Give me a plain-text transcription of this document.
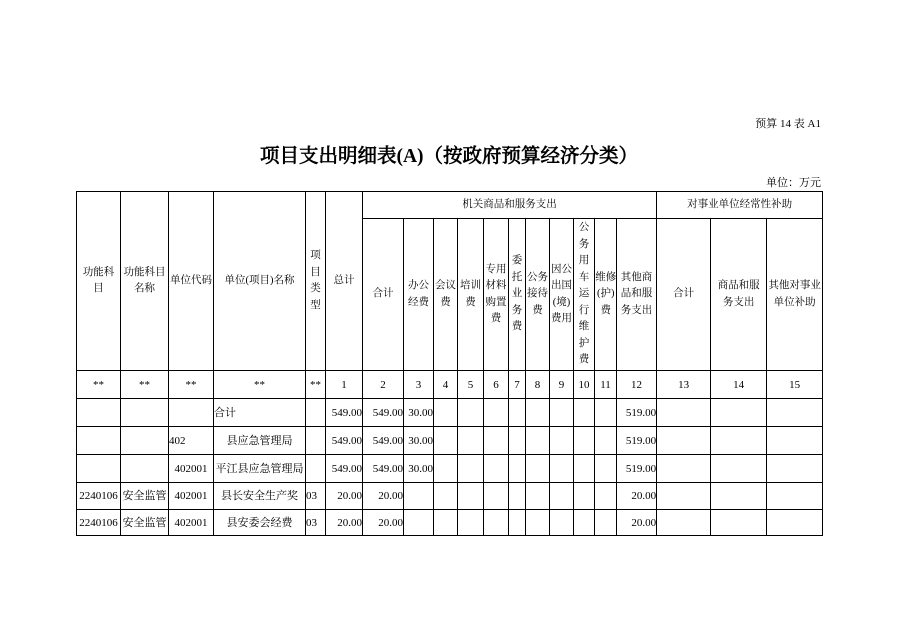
预算 14 表 A1
项目支出明细表(A)（按政府预算经济分类）
单位：万元
功能科目	功能科目名称	单位代码	单位(项目)名称	项目类型	总计	机关商品和服务支出											对事业单位经常性补助		

						合计	办公经费	会议费	培训费	专用材料购置费	委托业务费	公务接待费	因公出国(境)费用	公务用车运行维护费	维修(护)费	其他商品和服务支出	合计	商品和服务支出	其他对事业单位补助

**	**	**	**	**	1	2	3	4	5	6	7	8	9	10	11	12	13	14	15
			合计		549.00	549.00	30.00									519.00			
		402	县应急管理局		549.00	549.00	30.00									519.00			
		402001	平江县应急管理局		549.00	549.00	30.00									519.00			
2240106	安全监管	402001	县长安全生产奖	03	20.00	20.00										20.00			
2240106	安全监管	402001	县安委会经费	03	20.00	20.00										20.00			
